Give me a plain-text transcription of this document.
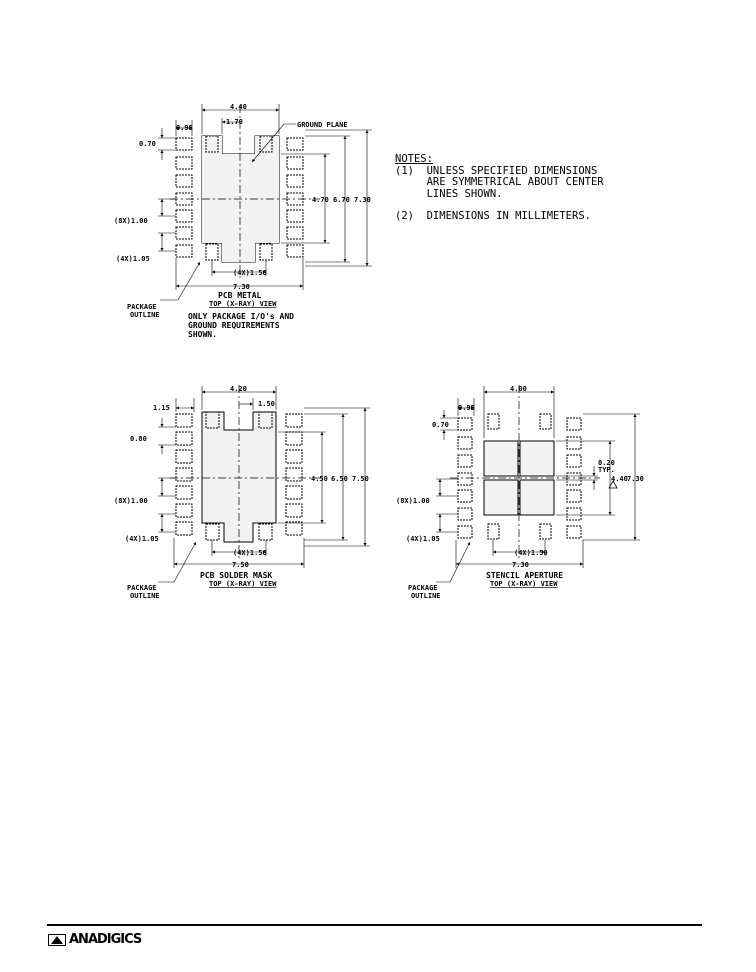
4.40
1.70
0.95
0.70
(8X)1.00
(4X)1.05
(4X)1.50
7.30
4.70 6.70 7.30
GROUND PLANE
PACKAGE
OUTLINE
PCB METAL
TOP (X-RAY) VIEW
ONLY PACKAGE I/O's AND
GROUND REQUIREMENTS
SHOWN.
4.20
1.50
1.15
0.80
(8X)1.00
(4X)1.05
(4X)1.50
7.50
4.50 6.50 7.50
PACKAGE
OUTLINE
PCB SOLDER MASK
TOP (X-RAY) VIEW
4.00
0.95
0.70
(8X)1.00
(4X)1.05
(4X)1.50
7.30
0.20
TYP.
4.40 7.30
PACKAGE
OUTLINE
STENCIL APERTURE
TOP (X-RAY) VIEW
NOTES:
(1)  UNLESS SPECIFIED DIMENSIONS
ARE SYMMETRICAL ABOUT CENTER
LINES SHOWN.
(2)  DIMENSIONS IN MILLIMETERS.
ANADIGICS
